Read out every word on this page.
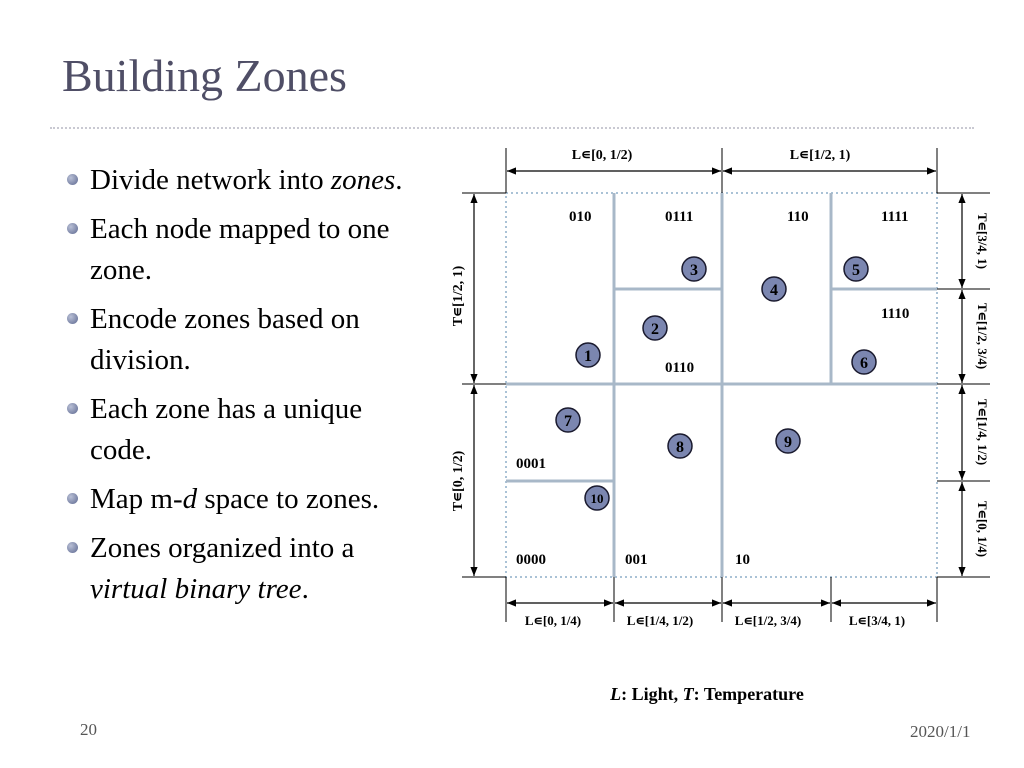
Building Zones
Divide network into zones.
Each node mapped to one zone.
Encode zones based on division.
Each zone has a unique code.
Map m-d space to zones.
Zones organized into a virtual binary tree.
L∊[0, 1/2)	L∊[1/2, 1)
L∊[0, 1/4)	L∊[1/4, 1/2)	L∊[1/2, 3/4)	L∊[3/4, 1)
T∊[1/2, 1)
T∊[0, 1/2)
T∊[3/4, 1)
T∊[1/2, 3/4)
T∊[1/4, 1/2)
T∊[0, 1/4)
010	0111	110	1111
1110
0110
0001
0000	001	10
1
2
3
4
5
6
7
8	9
10
L: Light, T: Temperature
20	2020/1/1
